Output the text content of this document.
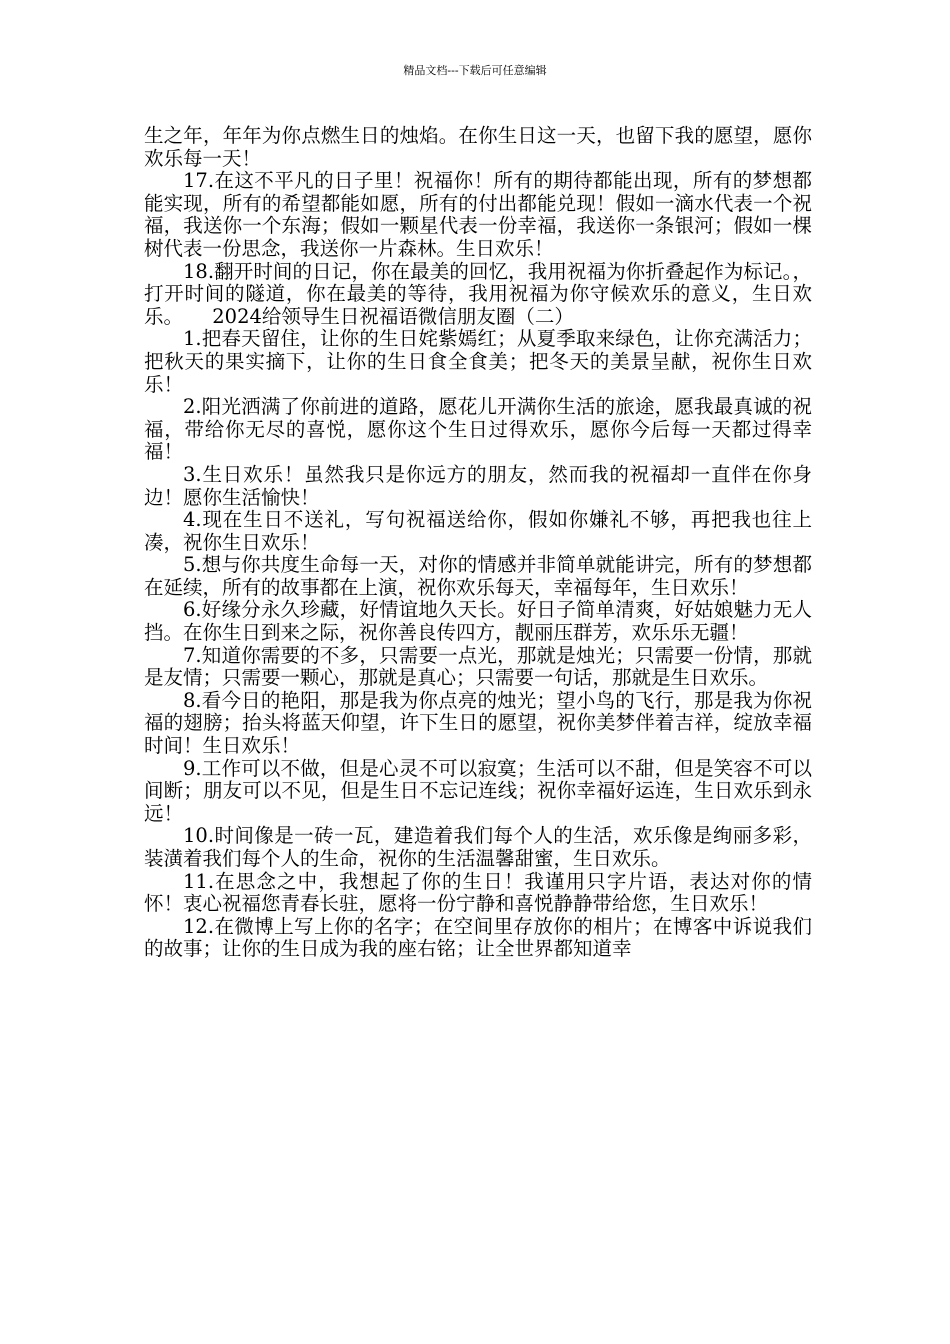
精品文档---下载后可任意编辑

生之年，年年为你点燃生日的烛焰。在你生日这一天，也留下我的愿望，愿你欢乐每一天！

17.在这不平凡的日子里！祝福你！所有的期待都能出现，所有的梦想都能实现，所有的希望都能如愿，所有的付出都能兑现！假如一滴水代表一个祝福，我送你一个东海；假如一颗星代表一份幸福，我送你一条银河；假如一棵树代表一份思念，我送你一片森林。生日欢乐！

18.翻开时间的日记，你在最美的回忆，我用祝福为你折叠起作为标记。，打开时间的隧道，你在最美的等待，我用祝福为你守候欢乐的意义，生日欢乐。　　2024给领导生日祝福语微信朋友圈（二）

1.把春天留住，让你的生日姹紫嫣红；从夏季取来绿色，让你充满活力；把秋天的果实摘下，让你的生日食全食美；把冬天的美景呈献，祝你生日欢乐！

2.阳光洒满了你前进的道路，愿花儿开满你生活的旅途，愿我最真诚的祝福，带给你无尽的喜悦，愿你这个生日过得欢乐，愿你今后每一天都过得幸福！

3.生日欢乐！虽然我只是你远方的朋友，然而我的祝福却一直伴在你身边！愿你生活愉快！

4.现在生日不送礼，写句祝福送给你，假如你嫌礼不够，再把我也往上凑，祝你生日欢乐！

5.想与你共度生命每一天，对你的情感并非简单就能讲完，所有的梦想都在延续，所有的故事都在上演，祝你欢乐每天，幸福每年，生日欢乐！

6.好缘分永久珍藏，好情谊地久天长。好日子简单清爽，好姑娘魅力无人挡。在你生日到来之际，祝你善良传四方，靓丽压群芳，欢乐乐无疆！

7.知道你需要的不多，只需要一点光，那就是烛光；只需要一份情，那就是友情；只需要一颗心，那就是真心；只需要一句话，那就是生日欢乐。

8.看今日的艳阳，那是我为你点亮的烛光；望小鸟的飞行，那是我为你祝福的翅膀；抬头将蓝天仰望，许下生日的愿望，祝你美梦伴着吉祥，绽放幸福时间！生日欢乐！

9.工作可以不做，但是心灵不可以寂寞；生活可以不甜，但是笑容不可以间断；朋友可以不见，但是生日不忘记连线；祝你幸福好运连，生日欢乐到永远！

10.时间像是一砖一瓦，建造着我们每个人的生活，欢乐像是绚丽多彩，装潢着我们每个人的生命，祝你的生活温馨甜蜜，生日欢乐。

11.在思念之中，我想起了你的生日！我谨用只字片语，表达对你的情怀！衷心祝福您青春长驻，愿将一份宁静和喜悦静静带给您，生日欢乐！

12.在微博上写上你的名字；在空间里存放你的相片；在博客中诉说我们的故事；让你的生日成为我的座右铭；让全世界都知道幸
